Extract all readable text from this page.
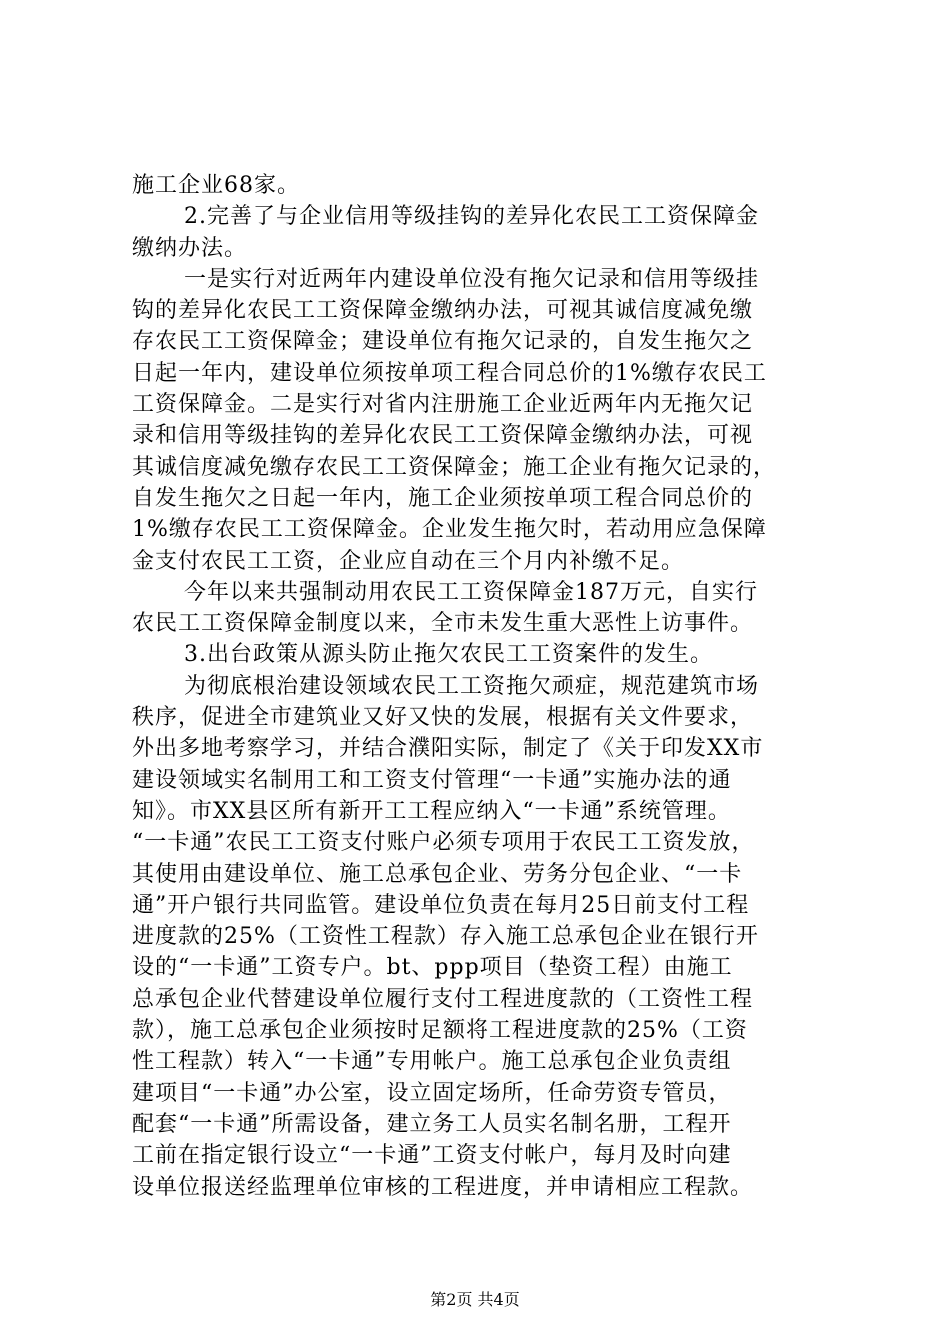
施工企业68家。
2.完善了与企业信用等级挂钩的差异化农民工工资保障金
缴纳办法。
一是实行对近两年内建设单位没有拖欠记录和信用等级挂
钩的差异化农民工工资保障金缴纳办法，可视其诚信度减免缴
存农民工工资保障金；建设单位有拖欠记录的，自发生拖欠之
日起一年内，建设单位须按单项工程合同总价的1%缴存农民工
工资保障金。二是实行对省内注册施工企业近两年内无拖欠记
录和信用等级挂钩的差异化农民工工资保障金缴纳办法，可视
其诚信度减免缴存农民工工资保障金；施工企业有拖欠记录的，
自发生拖欠之日起一年内，施工企业须按单项工程合同总价的
1%缴存农民工工资保障金。企业发生拖欠时，若动用应急保障
金支付农民工工资，企业应自动在三个月内补缴不足。
今年以来共强制动用农民工工资保障金187万元，自实行
农民工工资保障金制度以来，全市未发生重大恶性上访事件。
3.出台政策从源头防止拖欠农民工工资案件的发生。
为彻底根治建设领域农民工工资拖欠顽症，规范建筑市场
秩序，促进全市建筑业又好又快的发展，根据有关文件要求，
外出多地考察学习，并结合濮阳实际，制定了《关于印发XX市
建设领域实名制用工和工资支付管理“一卡通”实施办法的通
知》。市XX县区所有新开工工程应纳入“一卡通”系统管理。
“一卡通”农民工工资支付账户必须专项用于农民工工资发放，
其使用由建设单位、施工总承包企业、劳务分包企业、“一卡
通”开户银行共同监管。建设单位负责在每月25日前支付工程
进度款的25%（工资性工程款）存入施工总承包企业在银行开
设的“一卡通”工资专户。bt、ppp项目（垫资工程）由施工
总承包企业代替建设单位履行支付工程进度款的（工资性工程
款），施工总承包企业须按时足额将工程进度款的25%（工资
性工程款）转入“一卡通”专用帐户。施工总承包企业负责组
建项目“一卡通”办公室，设立固定场所，任命劳资专管员，
配套“一卡通”所需设备，建立务工人员实名制名册，工程开
工前在指定银行设立“一卡通”工资支付帐户，每月及时向建
设单位报送经监理单位审核的工程进度，并申请相应工程款。
第2页 共4页
